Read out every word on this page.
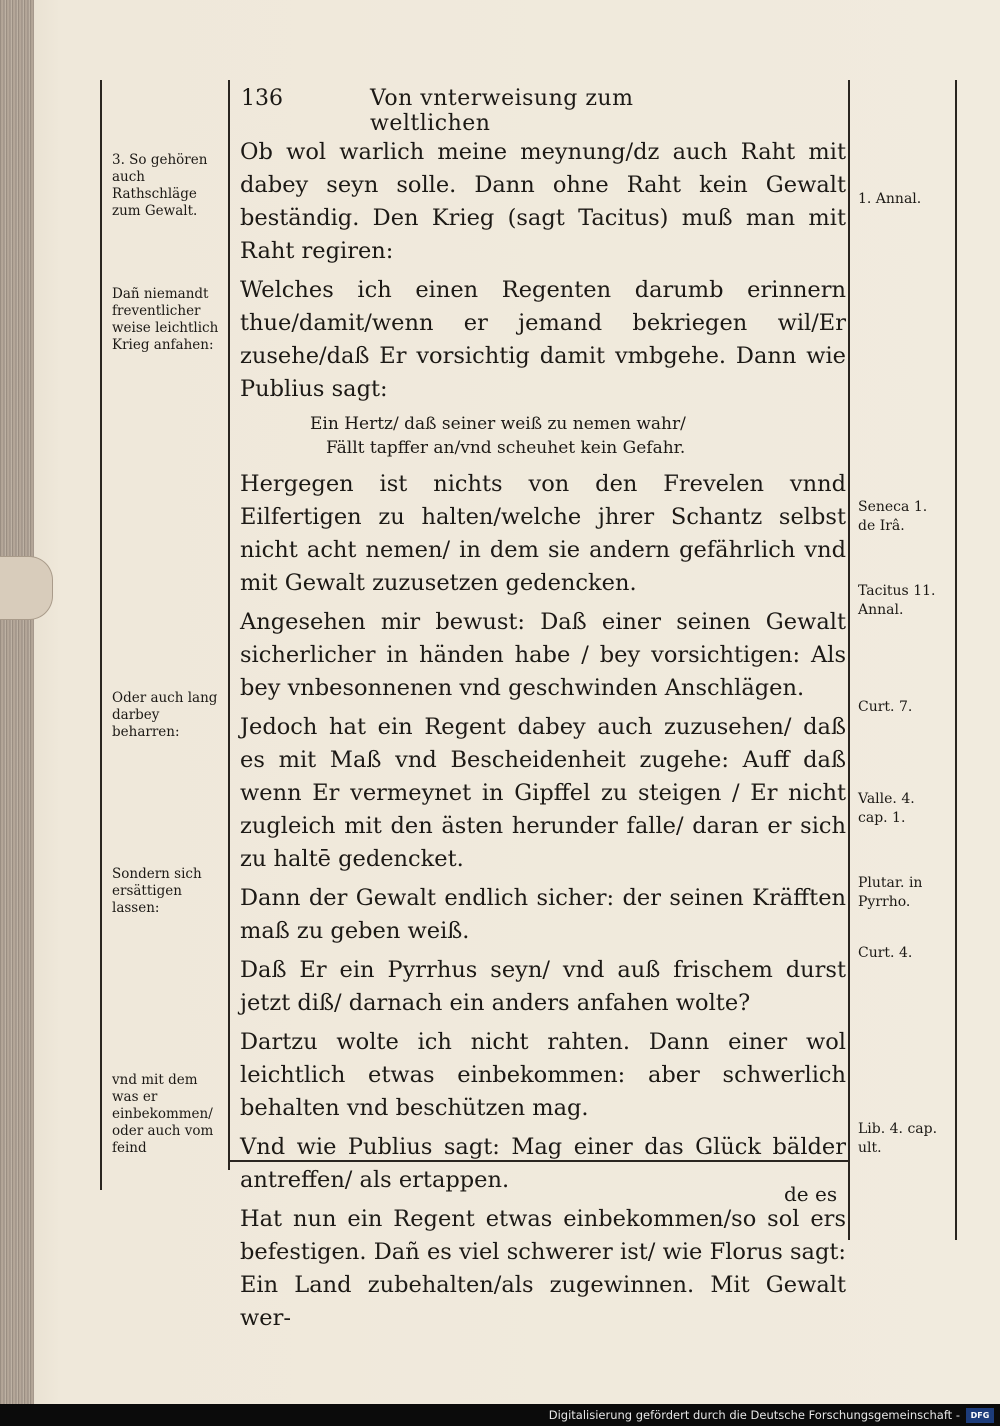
136	Von vnterweisung zum weltlichen

Ob wol warlich meine meynung/dz auch Raht mit dabey seyn solle. Dann ohne Raht kein Gewalt beständig. Den Krieg (sagt Tacitus) muß man mit Raht regiren:

Welches ich einen Regenten darumb erinnern thue/damit/wenn er jemand bekriegen wil/Er zusehe/daß Er vorsichtig damit vmbgehe. Dann wie Publius sagt:

Ein Hertz/ daß seiner weiß zu nemen wahr/
Fällt tapffer an/vnd scheuhet kein Gefahr.

Hergegen ist nichts von den Frevelen vnnd Eilfertigen zu halten/welche jhrer Schantz selbst nicht acht nemen/ in dem sie andern gefährlich vnd mit Gewalt zuzusetzen gedencken.

Angesehen mir bewust: Daß einer seinen Gewalt sicherlicher in händen habe / bey vorsichtigen: Als bey vnbesonnenen vnd geschwinden Anschlägen.

Jedoch hat ein Regent dabey auch zuzusehen/ daß es mit Maß vnd Bescheidenheit zugehe: Auff daß wenn Er vermeynet in Gipffel zu steigen / Er nicht zugleich mit den ästen herunder falle/ daran er sich zu haltē gedencket.

Dann der Gewalt endlich sicher: der seinen Kräfften maß zu geben weiß.

Daß Er ein Pyrrhus seyn/ vnd auß frischem durst jetzt diß/ darnach ein anders anfahen wolte?

Dartzu wolte ich nicht rahten. Dann einer wol leichtlich etwas einbekommen: aber schwerlich behalten vnd beschützen mag.

Vnd wie Publius sagt: Mag einer das Glück bälder antreffen/ als ertappen.

Hat nun ein Regent etwas einbekommen/so sol ers befestigen. Dañ es viel schwerer ist/ wie Florus sagt: Ein Land zubehalten/als zugewinnen. Mit Gewalt wer-

de es
3. So gehören auch Rathschläge zum Gewalt.
Dañ niemandt freventlicher weise leichtlich Krieg anfahen:
Oder auch lang darbey beharren:
Sondern sich ersättigen lassen:
vnd mit dem was er einbekommen/ oder auch vom feind
1. Annal.
Seneca 1. de Irâ.
Tacitus 11. Annal.
Curt. 7.
Valle. 4. cap. 1.
Plutar. in Pyrrho.
Curt. 4.
Lib. 4. cap. ult.
Digitalisierung gefördert durch die Deutsche Forschungsgemeinschaft -	DFG
